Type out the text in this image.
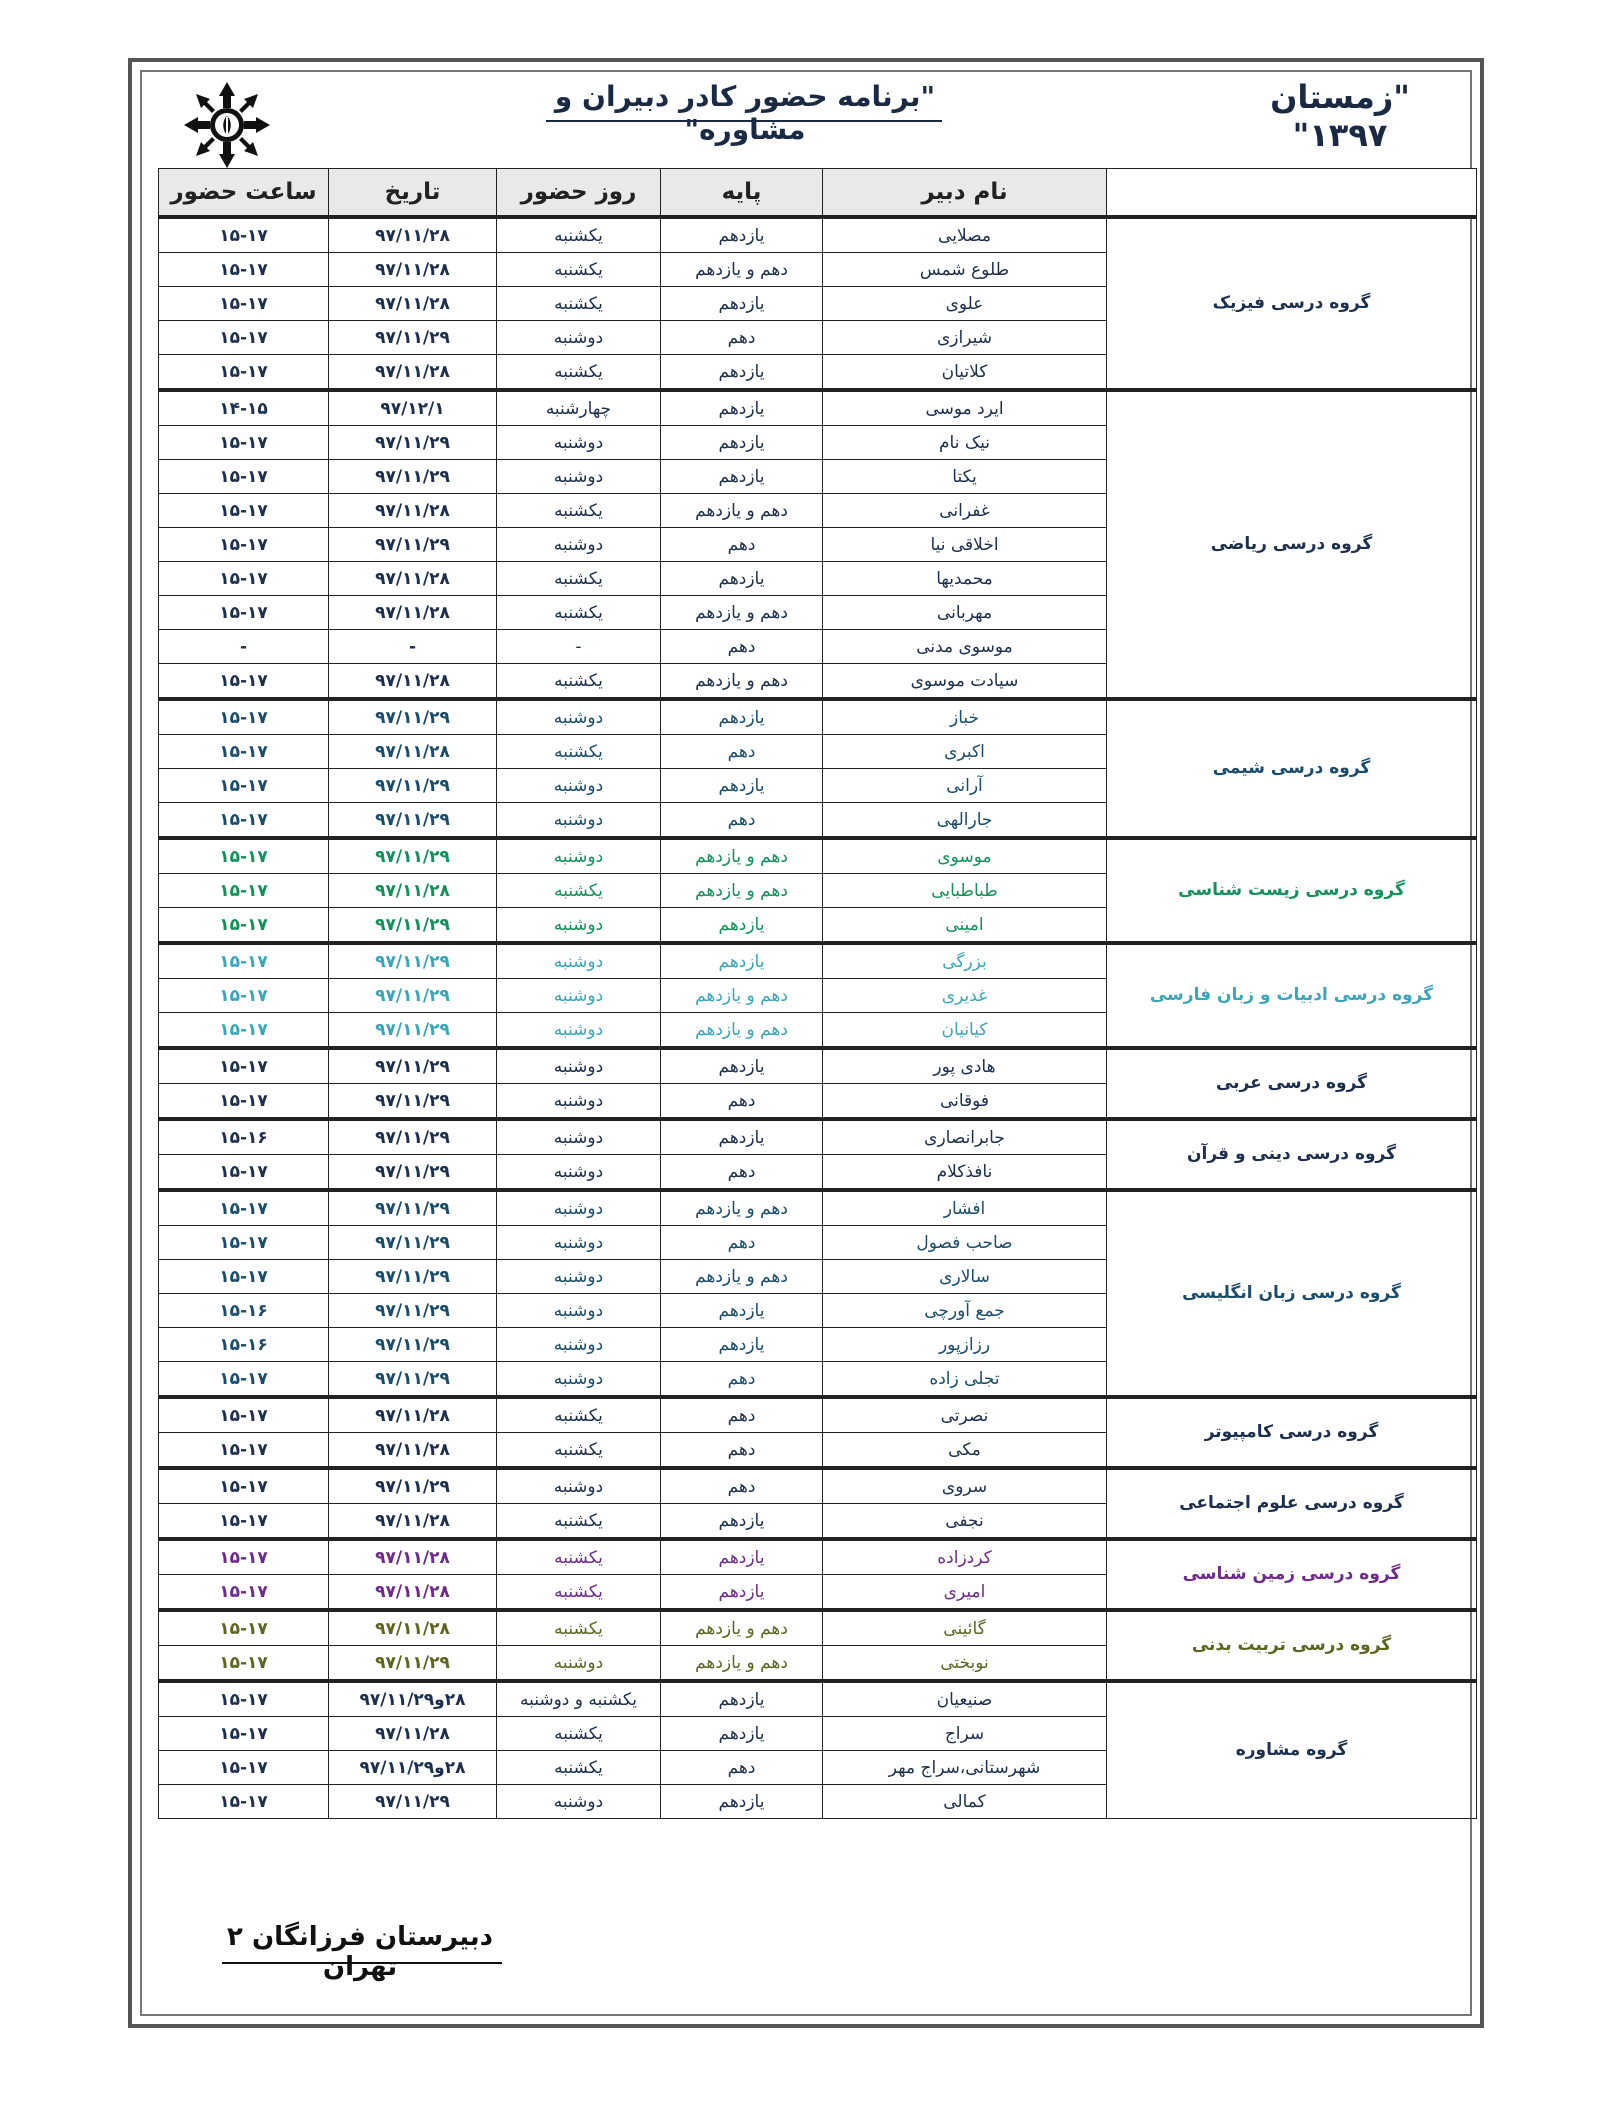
"برنامه حضور کادر دبیران و مشاوره"
"زمستان ۱۳۹۷"
	نام دبیر	پایه	روز حضور	تاریخ	ساعت حضور
گروه درسی فیزیک	مصلایی	یازدهم	یکشنبه	۹۷/۱۱/۲۸	۱۵-۱۷
	طلوع شمس	دهم و یازدهم	یکشنبه	۹۷/۱۱/۲۸	۱۵-۱۷
	علوی	یازدهم	یکشنبه	۹۷/۱۱/۲۸	۱۵-۱۷
	شیرازی	دهم	دوشنبه	۹۷/۱۱/۲۹	۱۵-۱۷
	کلاتیان	یازدهم	یکشنبه	۹۷/۱۱/۲۸	۱۵-۱۷
گروه درسی ریاضی	ایرد موسی	یازدهم	چهارشنبه	۹۷/۱۲/۱	۱۴-۱۵
	نیک نام	یازدهم	دوشنبه	۹۷/۱۱/۲۹	۱۵-۱۷
	یکتا	یازدهم	دوشنبه	۹۷/۱۱/۲۹	۱۵-۱۷
	غفرانی	دهم و یازدهم	یکشنبه	۹۷/۱۱/۲۸	۱۵-۱۷
	اخلاقی نیا	دهم	دوشنبه	۹۷/۱۱/۲۹	۱۵-۱۷
	محمدیها	یازدهم	یکشنبه	۹۷/۱۱/۲۸	۱۵-۱۷
	مهربانی	دهم و یازدهم	یکشنبه	۹۷/۱۱/۲۸	۱۵-۱۷
	موسوی مدنی	دهم	-	-	-
	سیادت موسوی	دهم و یازدهم	یکشنبه	۹۷/۱۱/۲۸	۱۵-۱۷
گروه درسی شیمی	خباز	یازدهم	دوشنبه	۹۷/۱۱/۲۹	۱۵-۱۷
	اکبری	دهم	یکشنبه	۹۷/۱۱/۲۸	۱۵-۱۷
	آرانی	یازدهم	دوشنبه	۹۷/۱۱/۲۹	۱۵-۱۷
	جارالهی	دهم	دوشنبه	۹۷/۱۱/۲۹	۱۵-۱۷
گروه درسی زیست شناسی	موسوی	دهم و یازدهم	دوشنبه	۹۷/۱۱/۲۹	۱۵-۱۷
	طباطبایی	دهم و یازدهم	یکشنبه	۹۷/۱۱/۲۸	۱۵-۱۷
	امینی	یازدهم	دوشنبه	۹۷/۱۱/۲۹	۱۵-۱۷
گروه درسی ادبیات و زبان فارسی	بزرگی	یازدهم	دوشنبه	۹۷/۱۱/۲۹	۱۵-۱۷
	غدیری	دهم و یازدهم	دوشنبه	۹۷/۱۱/۲۹	۱۵-۱۷
	کیانیان	دهم و یازدهم	دوشنبه	۹۷/۱۱/۲۹	۱۵-۱۷
گروه درسی عربی	هادی پور	یازدهم	دوشنبه	۹۷/۱۱/۲۹	۱۵-۱۷
	فوقانی	دهم	دوشنبه	۹۷/۱۱/۲۹	۱۵-۱۷
گروه درسی دینی و قرآن	جابرانصاری	یازدهم	دوشنبه	۹۷/۱۱/۲۹	۱۵-۱۶
	نافذکلام	دهم	دوشنبه	۹۷/۱۱/۲۹	۱۵-۱۷
گروه درسی زبان انگلیسی	افشار	دهم و یازدهم	دوشنبه	۹۷/۱۱/۲۹	۱۵-۱۷
	صاحب فصول	دهم	دوشنبه	۹۷/۱۱/۲۹	۱۵-۱۷
	سالاری	دهم و یازدهم	دوشنبه	۹۷/۱۱/۲۹	۱۵-۱۷
	جمع آورچی	یازدهم	دوشنبه	۹۷/۱۱/۲۹	۱۵-۱۶
	رزازپور	یازدهم	دوشنبه	۹۷/۱۱/۲۹	۱۵-۱۶
	تجلی زاده	دهم	دوشنبه	۹۷/۱۱/۲۹	۱۵-۱۷
گروه درسی کامپیوتر	نصرتی	دهم	یکشنبه	۹۷/۱۱/۲۸	۱۵-۱۷
	مکی	دهم	یکشنبه	۹۷/۱۱/۲۸	۱۵-۱۷
گروه درسی علوم اجتماعی	سروی	دهم	دوشنبه	۹۷/۱۱/۲۹	۱۵-۱۷
	نجفی	یازدهم	یکشنبه	۹۷/۱۱/۲۸	۱۵-۱۷
گروه درسی زمین شناسی	کردزاده	یازدهم	یکشنبه	۹۷/۱۱/۲۸	۱۵-۱۷
	امیری	یازدهم	یکشنبه	۹۷/۱۱/۲۸	۱۵-۱۷
گروه درسی تربیت بدنی	گائینی	دهم و یازدهم	یکشنبه	۹۷/۱۱/۲۸	۱۵-۱۷
	نوبختی	دهم و یازدهم	دوشنبه	۹۷/۱۱/۲۹	۱۵-۱۷
گروه مشاوره	صنیعیان	یازدهم	یکشنبه و دوشنبه	۲۸و۹۷/۱۱/۲۹	۱۵-۱۷
	سراج	یازدهم	یکشنبه	۹۷/۱۱/۲۸	۱۵-۱۷
	شهرستانی،سراج مهر	دهم	یکشنبه	۲۸و۹۷/۱۱/۲۹	۱۵-۱۷
	کمالی	یازدهم	دوشنبه	۹۷/۱۱/۲۹	۱۵-۱۷
دبیرستان فرزانگان ۲ تهران
